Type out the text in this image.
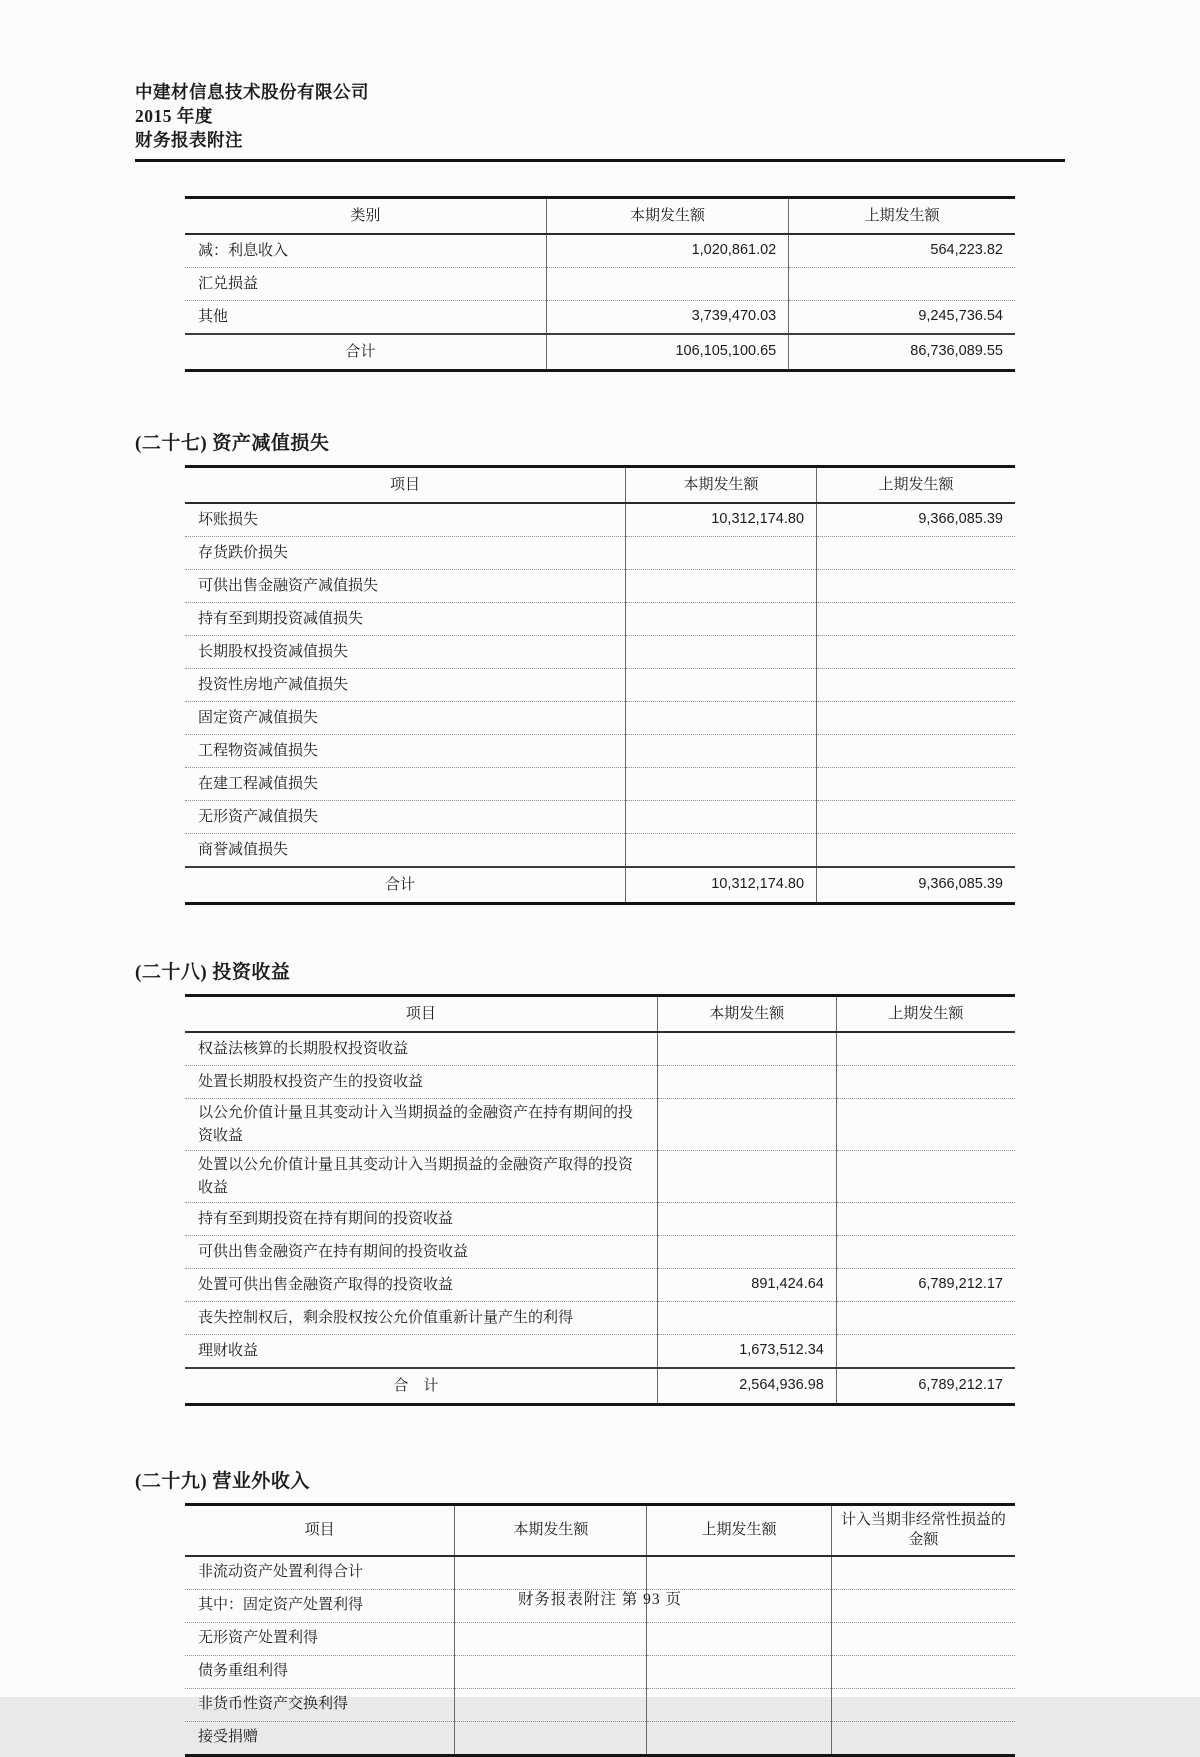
中建材信息技术股份有限公司
2015 年度
财务报表附注
类别	本期发生额	上期发生额
减：利息收入	1,020,861.02	564,223.82
汇兑损益		
其他	3,739,470.03	9,245,736.54
合计	106,105,100.65	86,736,089.55
(二十七) 资产减值损失
项目	本期发生额	上期发生额
坏账损失	10,312,174.80	9,366,085.39
存货跌价损失		
可供出售金融资产减值损失		
持有至到期投资减值损失		
长期股权投资减值损失		
投资性房地产减值损失		
固定资产减值损失		
工程物资减值损失		
在建工程减值损失		
无形资产减值损失		
商誉减值损失		
合计	10,312,174.80	9,366,085.39
(二十八) 投资收益
项目	本期发生额	上期发生额
权益法核算的长期股权投资收益		
处置长期股权投资产生的投资收益		
以公允价值计量且其变动计入当期损益的金融资产在持有期间的投资收益		
处置以公允价值计量且其变动计入当期损益的金融资产取得的投资收益		
持有至到期投资在持有期间的投资收益		
可供出售金融资产在持有期间的投资收益		
处置可供出售金融资产取得的投资收益	891,424.64	6,789,212.17
丧失控制权后，剩余股权按公允价值重新计量产生的利得		
理财收益	1,673,512.34	
合　计	2,564,936.98	6,789,212.17
(二十九) 营业外收入
项目	本期发生额	上期发生额	计入当期非经常性损益的金额
非流动资产处置利得合计			
其中：固定资产处置利得			
无形资产处置利得			
债务重组利得			
非货币性资产交换利得			
接受捐赠			
财务报表附注 第 93 页
